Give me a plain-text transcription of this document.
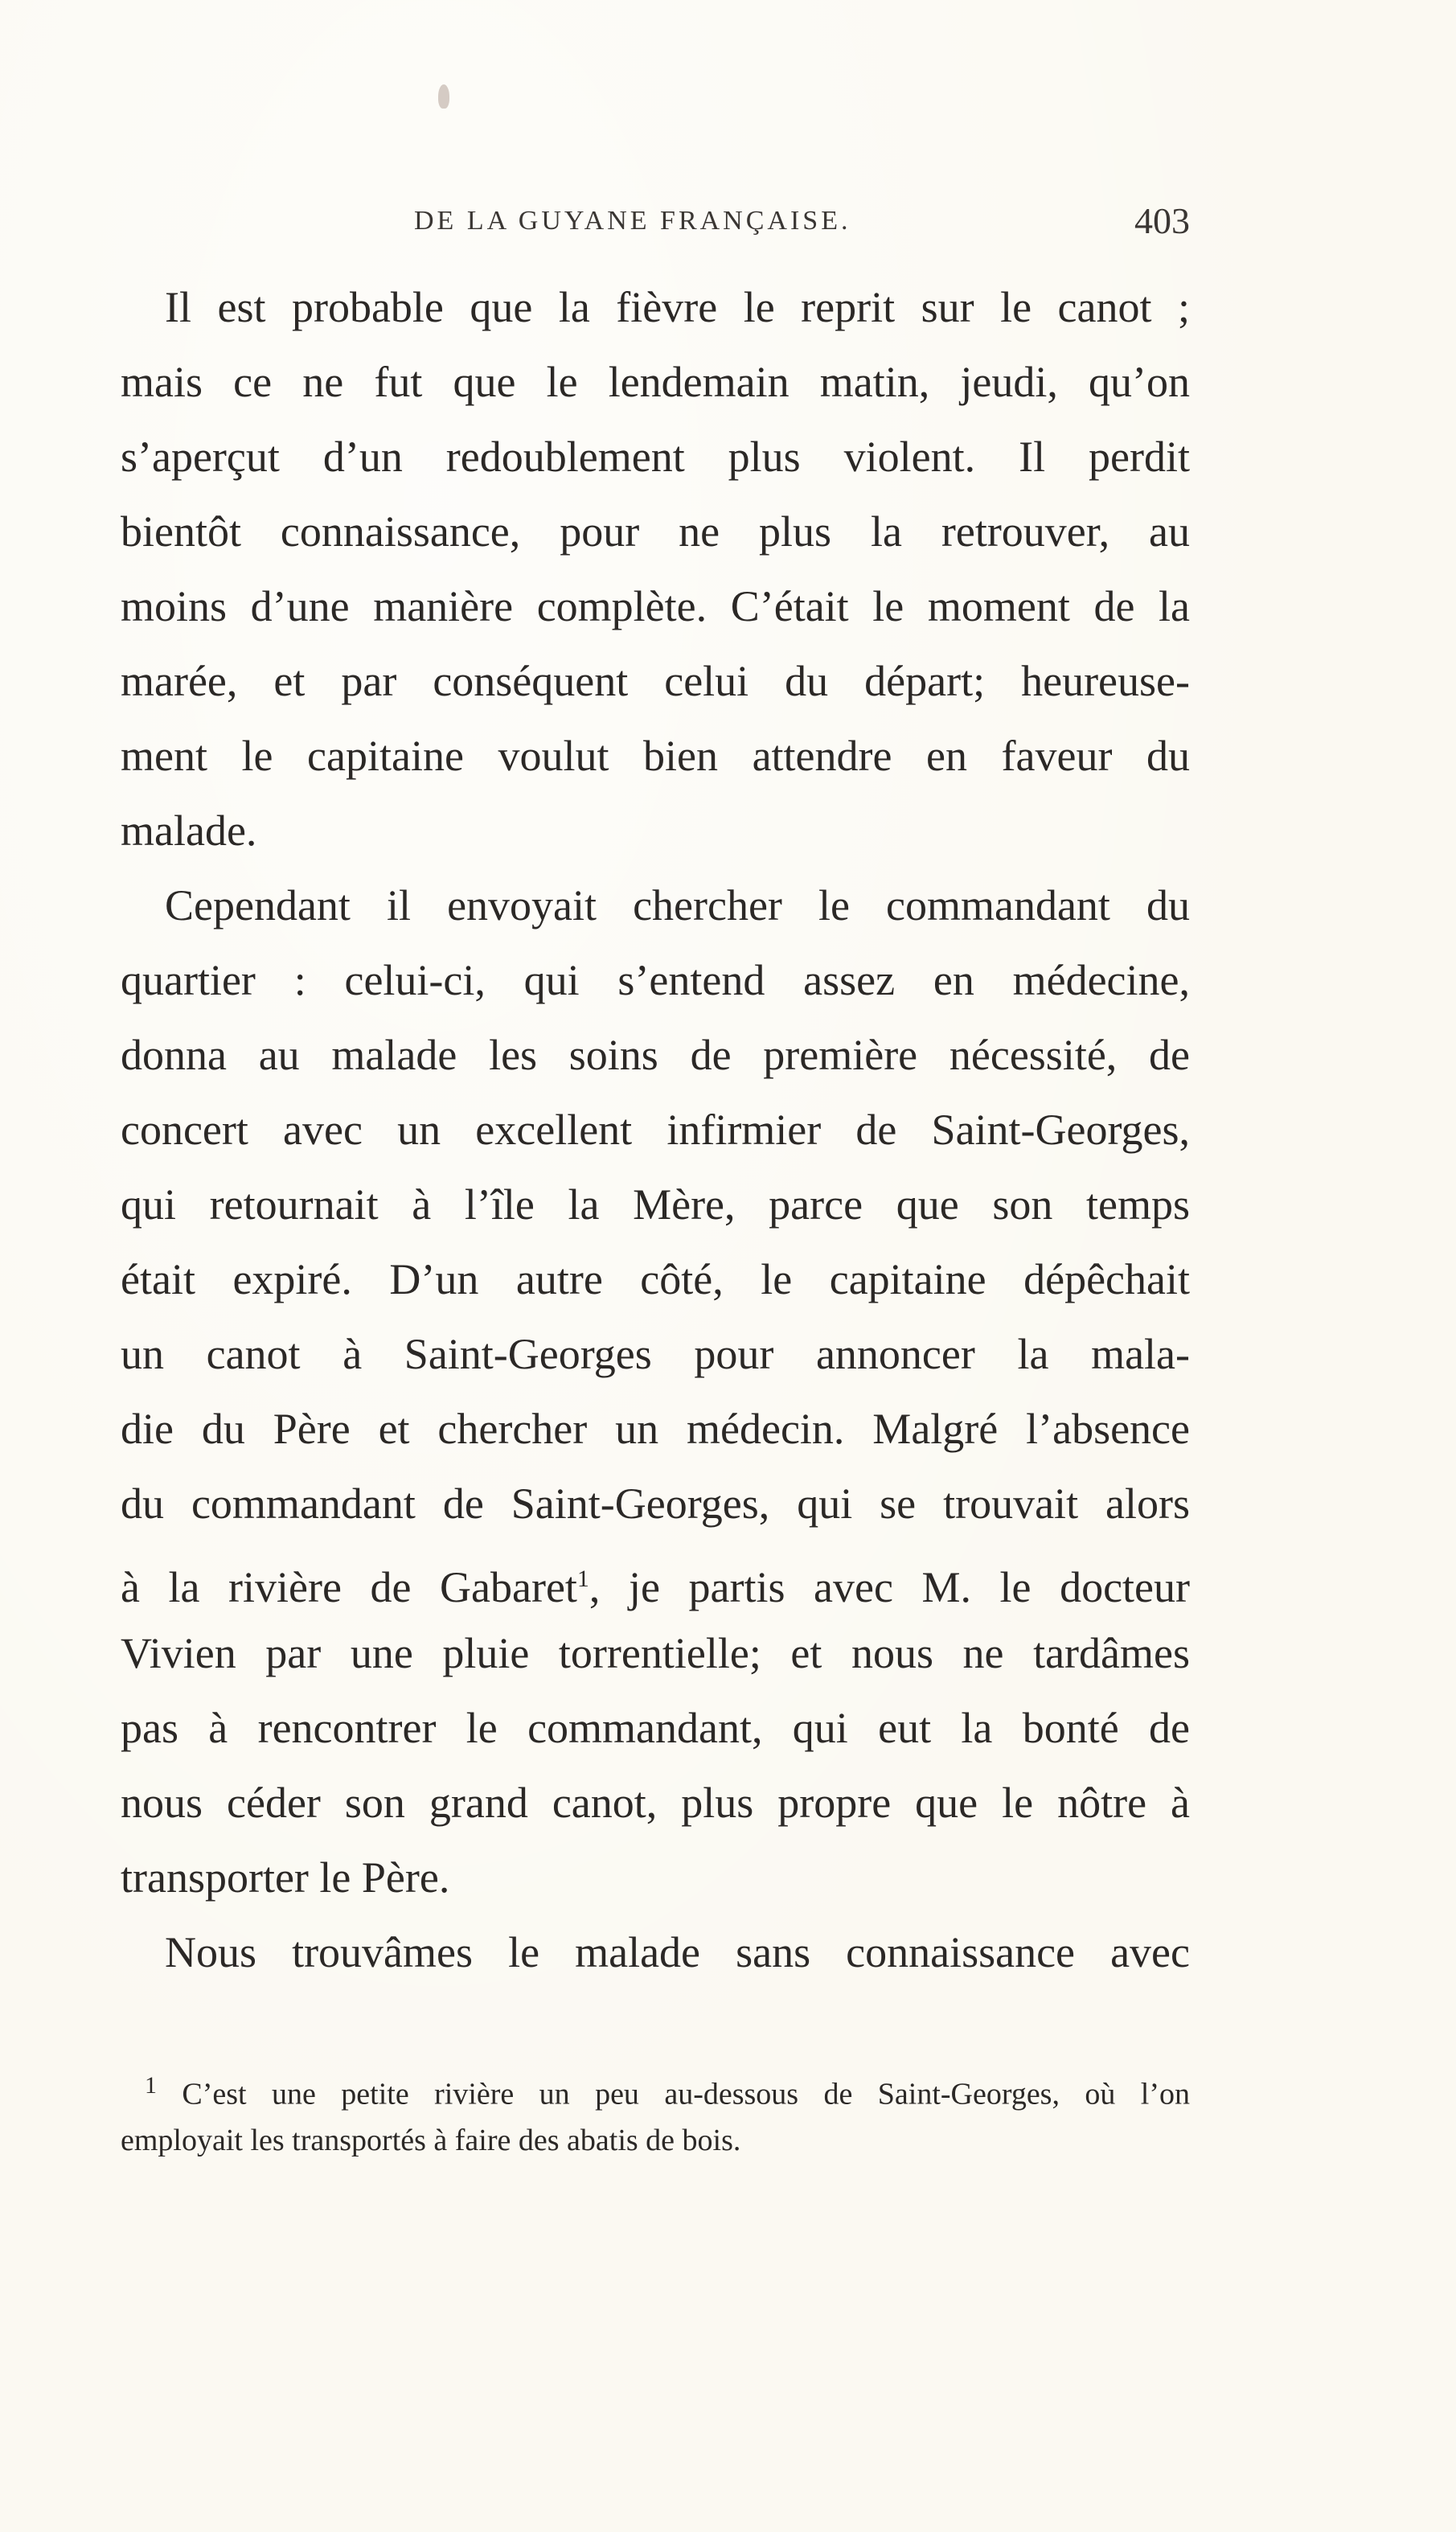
DE LA GUYANE FRANÇAISE.	403
Il est probable que la fièvre le reprit sur le canot ;
mais ce ne fut que le lendemain matin, jeudi, qu’on
s’aperçut d’un redoublement plus violent. Il perdit
bientôt connaissance, pour ne plus la retrouver, au
moins d’une manière complète. C’était le moment de la
marée, et par conséquent celui du départ; heureuse-
ment le capitaine voulut bien attendre en faveur du
malade.
Cependant il envoyait chercher le commandant du
quartier : celui-ci, qui s’entend assez en médecine,
donna au malade les soins de première nécessité, de
concert avec un excellent infirmier de Saint-Georges,
qui retournait à l’île la Mère, parce que son temps
était expiré. D’un autre côté, le capitaine dépêchait
un canot à Saint-Georges pour annoncer la mala-
die du Père et chercher un médecin. Malgré l’absence
du commandant de Saint-Georges, qui se trouvait alors
à la rivière de Gabaret$^1$, je partis avec M. le docteur
Vivien par une pluie torrentielle; et nous ne tardâmes
pas à rencontrer le commandant, qui eut la bonté de
nous céder son grand canot, plus propre que le nôtre à
transporter le Père.
Nous trouvâmes le malade sans connaissance avec
$^1$ C’est une petite rivière un peu au-dessous de Saint-Georges, où l’on
employait les transportés à faire des abatis de bois.
